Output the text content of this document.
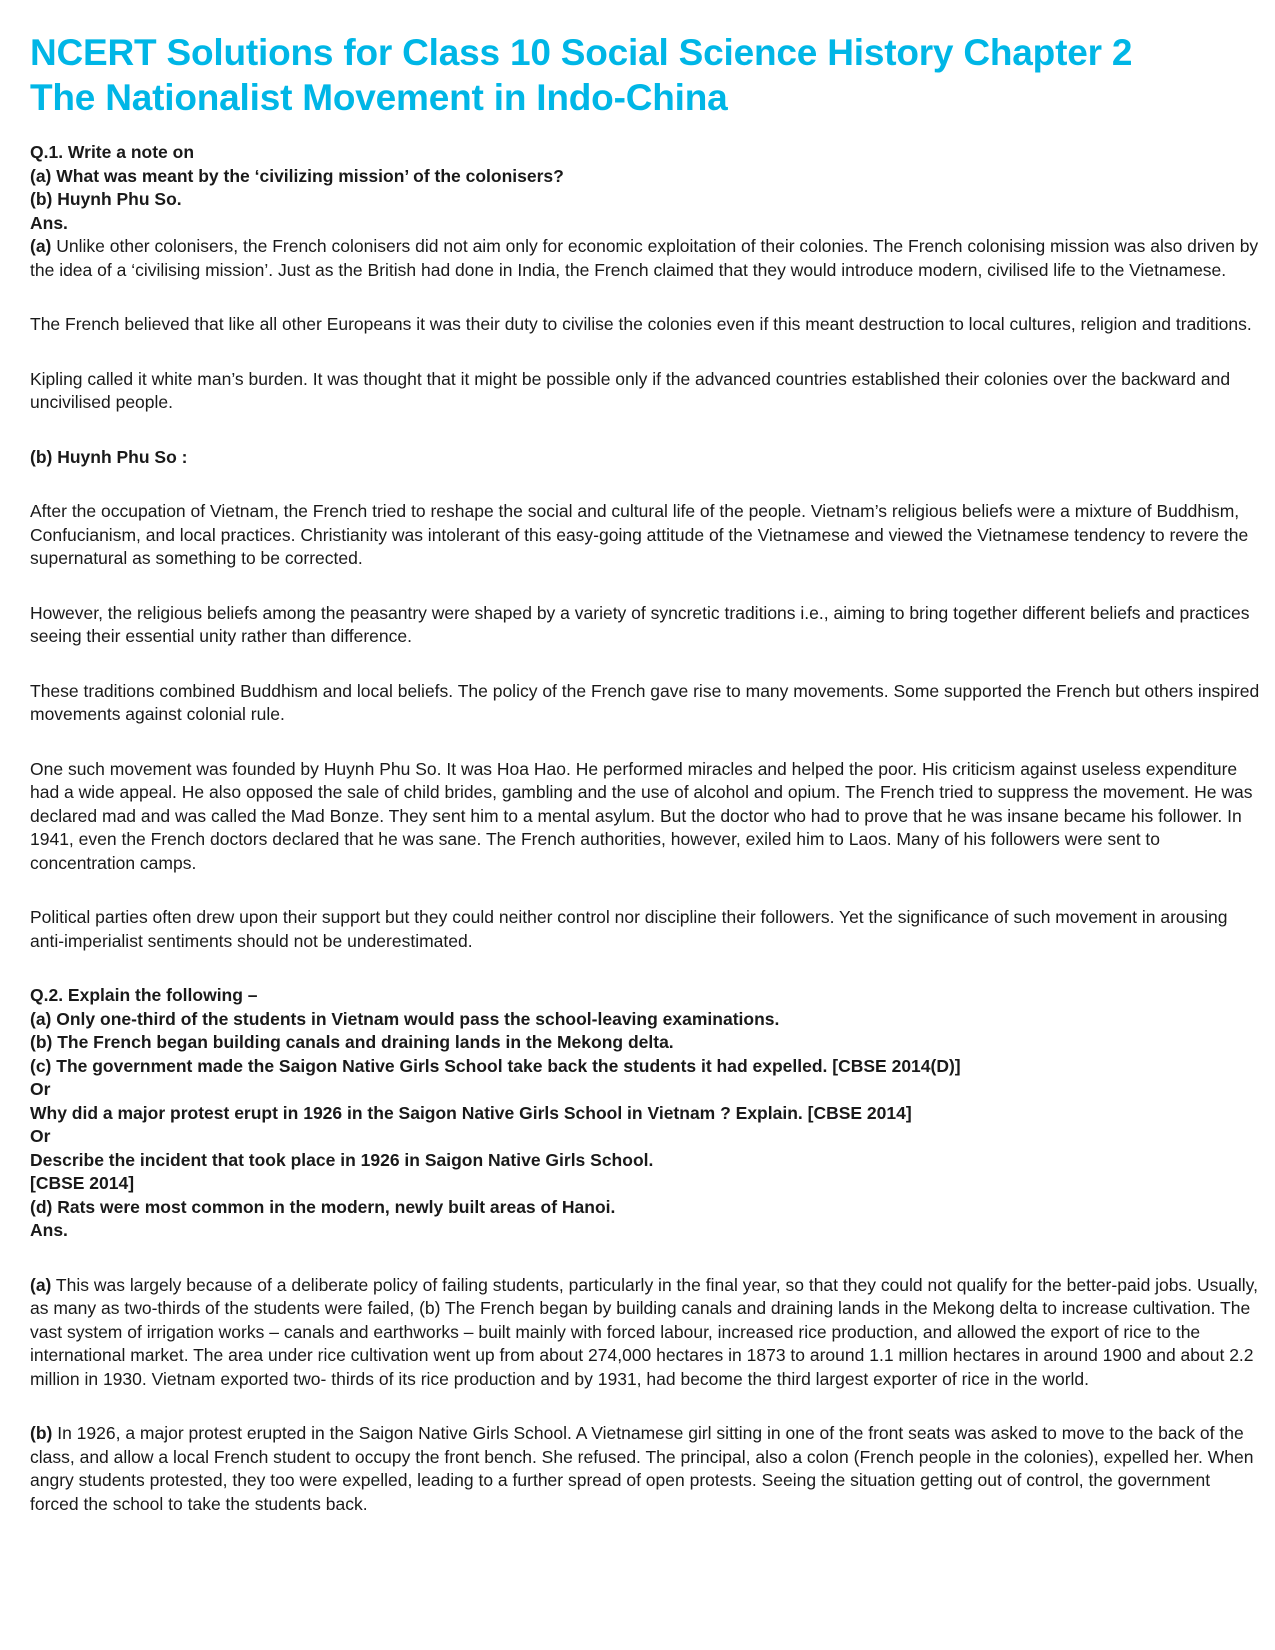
NCERT Solutions for Class 10 Social Science History Chapter 2
The Nationalist Movement in Indo-China

Q.1. Write a note on

(a) What was meant by the ‘civilizing mission’ of the colonisers?

(b) Huynh Phu So.

Ans.

(a) Unlike other colonisers, the French colonisers did not aim only for economic exploitation of their colonies. The French colonising mission was also driven by the idea of a ‘civilising mission’. Just as the British had done in India, the French claimed that they would introduce modern, civilised life to the Vietnamese.

The French believed that like all other Europeans it was their duty to civilise the colonies even if this meant destruction to local cultures, religion and traditions.

Kipling called it white man’s burden. It was thought that it might be possible only if the advanced countries established their colonies over the backward and uncivilised people.

(b) Huynh Phu So :

After the occupation of Vietnam, the French tried to reshape the social and cultural life of the people. Vietnam’s religious beliefs were a mixture of Buddhism, Confucianism, and local practices. Christianity was intolerant of this easy-going attitude of the Vietnamese and viewed the Vietnamese tendency to revere the supernatural as something to be corrected.

However, the religious beliefs among the peasantry were shaped by a variety of syncretic traditions i.e., aiming to bring together different beliefs and practices seeing their essential unity rather than difference.

These traditions combined Buddhism and local beliefs. The policy of the French gave rise to many movements. Some supported the French but others inspired movements against colonial rule.

One such movement was founded by Huynh Phu So. It was Hoa Hao. He performed miracles and helped the poor. His criticism against useless expenditure had a wide appeal. He also opposed the sale of child brides, gambling and the use of alcohol and opium. The French tried to suppress the movement. He was declared mad and was called the Mad Bonze. They sent him to a mental asylum. But the doctor who had to prove that he was insane became his follower. In 1941, even the French doctors declared that he was sane. The French authorities, however, exiled him to Laos. Many of his followers were sent to concentration camps.

Political parties often drew upon their support but they could neither control nor discipline their followers. Yet the significance of such movement in arousing anti-imperialist sentiments should not be underestimated.

Q.2. Explain the following –

(a) Only one-third of the students in Vietnam would pass the school-leaving examinations.

(b) The French began building canals and draining lands in the Mekong delta.

(c) The government made the Saigon Native Girls School take back the students it had expelled. [CBSE 2014(D)]

Or

Why did a major protest erupt in 1926 in the Saigon Native Girls School in Vietnam ? Explain. [CBSE 2014]

Or

Describe the incident that took place in 1926 in Saigon Native Girls School.

[CBSE 2014]

(d) Rats were most common in the modern, newly built areas of Hanoi.

Ans.

(a) This was largely because of a deliberate policy of failing students, particularly in the final year, so that they could not qualify for the better-paid jobs. Usually, as many as two-thirds of the students were failed, (b) The French began by building canals and draining lands in the Mekong delta to increase cultivation. The vast system of irrigation works – canals and earthworks – built mainly with forced labour, increased rice production, and allowed the export of rice to the international market. The area under rice cultivation went up from about 274,000 hectares in 1873 to around 1.1 million hectares in around 1900 and about 2.2 million in 1930. Vietnam exported two- thirds of its rice production and by 1931, had become the third largest exporter of rice in the world.

(b) In 1926, a major protest erupted in the Saigon Native Girls School. A Vietnamese girl sitting in one of the front seats was asked to move to the back of the class, and allow a local French student to occupy the front bench. She refused. The principal, also a colon (French people in the colonies), expelled her. When angry students protested, they too were expelled, leading to a further spread of open protests. Seeing the situation getting out of control, the government forced the school to take the students back.
